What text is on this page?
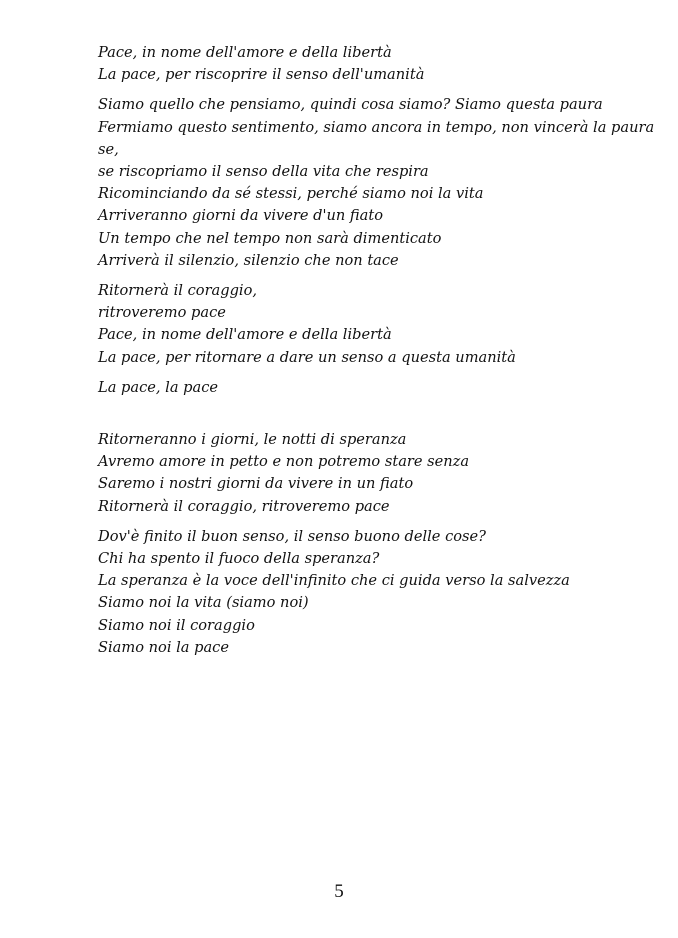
Pace, in nome dell'amore e della libertà
La pace, per riscoprire il senso dell'umanità
Siamo quello che pensiamo, quindi cosa siamo? Siamo questa paura
Fermiamo questo sentimento, siamo ancora in tempo, non vincerà la paura
se,
se riscopriamo il senso della vita che respira
Ricominciando da sé stessi, perché siamo noi la vita
Arriveranno giorni da vivere d'un fiato
Un tempo che nel tempo non sarà dimenticato
Arriverà il silenzio, silenzio che non tace
Ritornerà il coraggio,
ritroveremo pace
Pace, in nome dell'amore e della libertà
La pace, per ritornare a dare un senso a questa umanità
La pace, la pace
Ritorneranno i giorni, le notti di speranza
Avremo amore in petto e non potremo stare senza
Saremo i nostri giorni da vivere in un fiato
Ritornerà il coraggio, ritroveremo pace
Dov'è finito il buon senso, il senso buono delle cose?
Chi ha spento il fuoco della speranza?
La speranza è la voce dell'infinito che ci guida verso la salvezza
Siamo noi la vita (siamo noi)
Siamo noi il coraggio
Siamo noi la pace
5
